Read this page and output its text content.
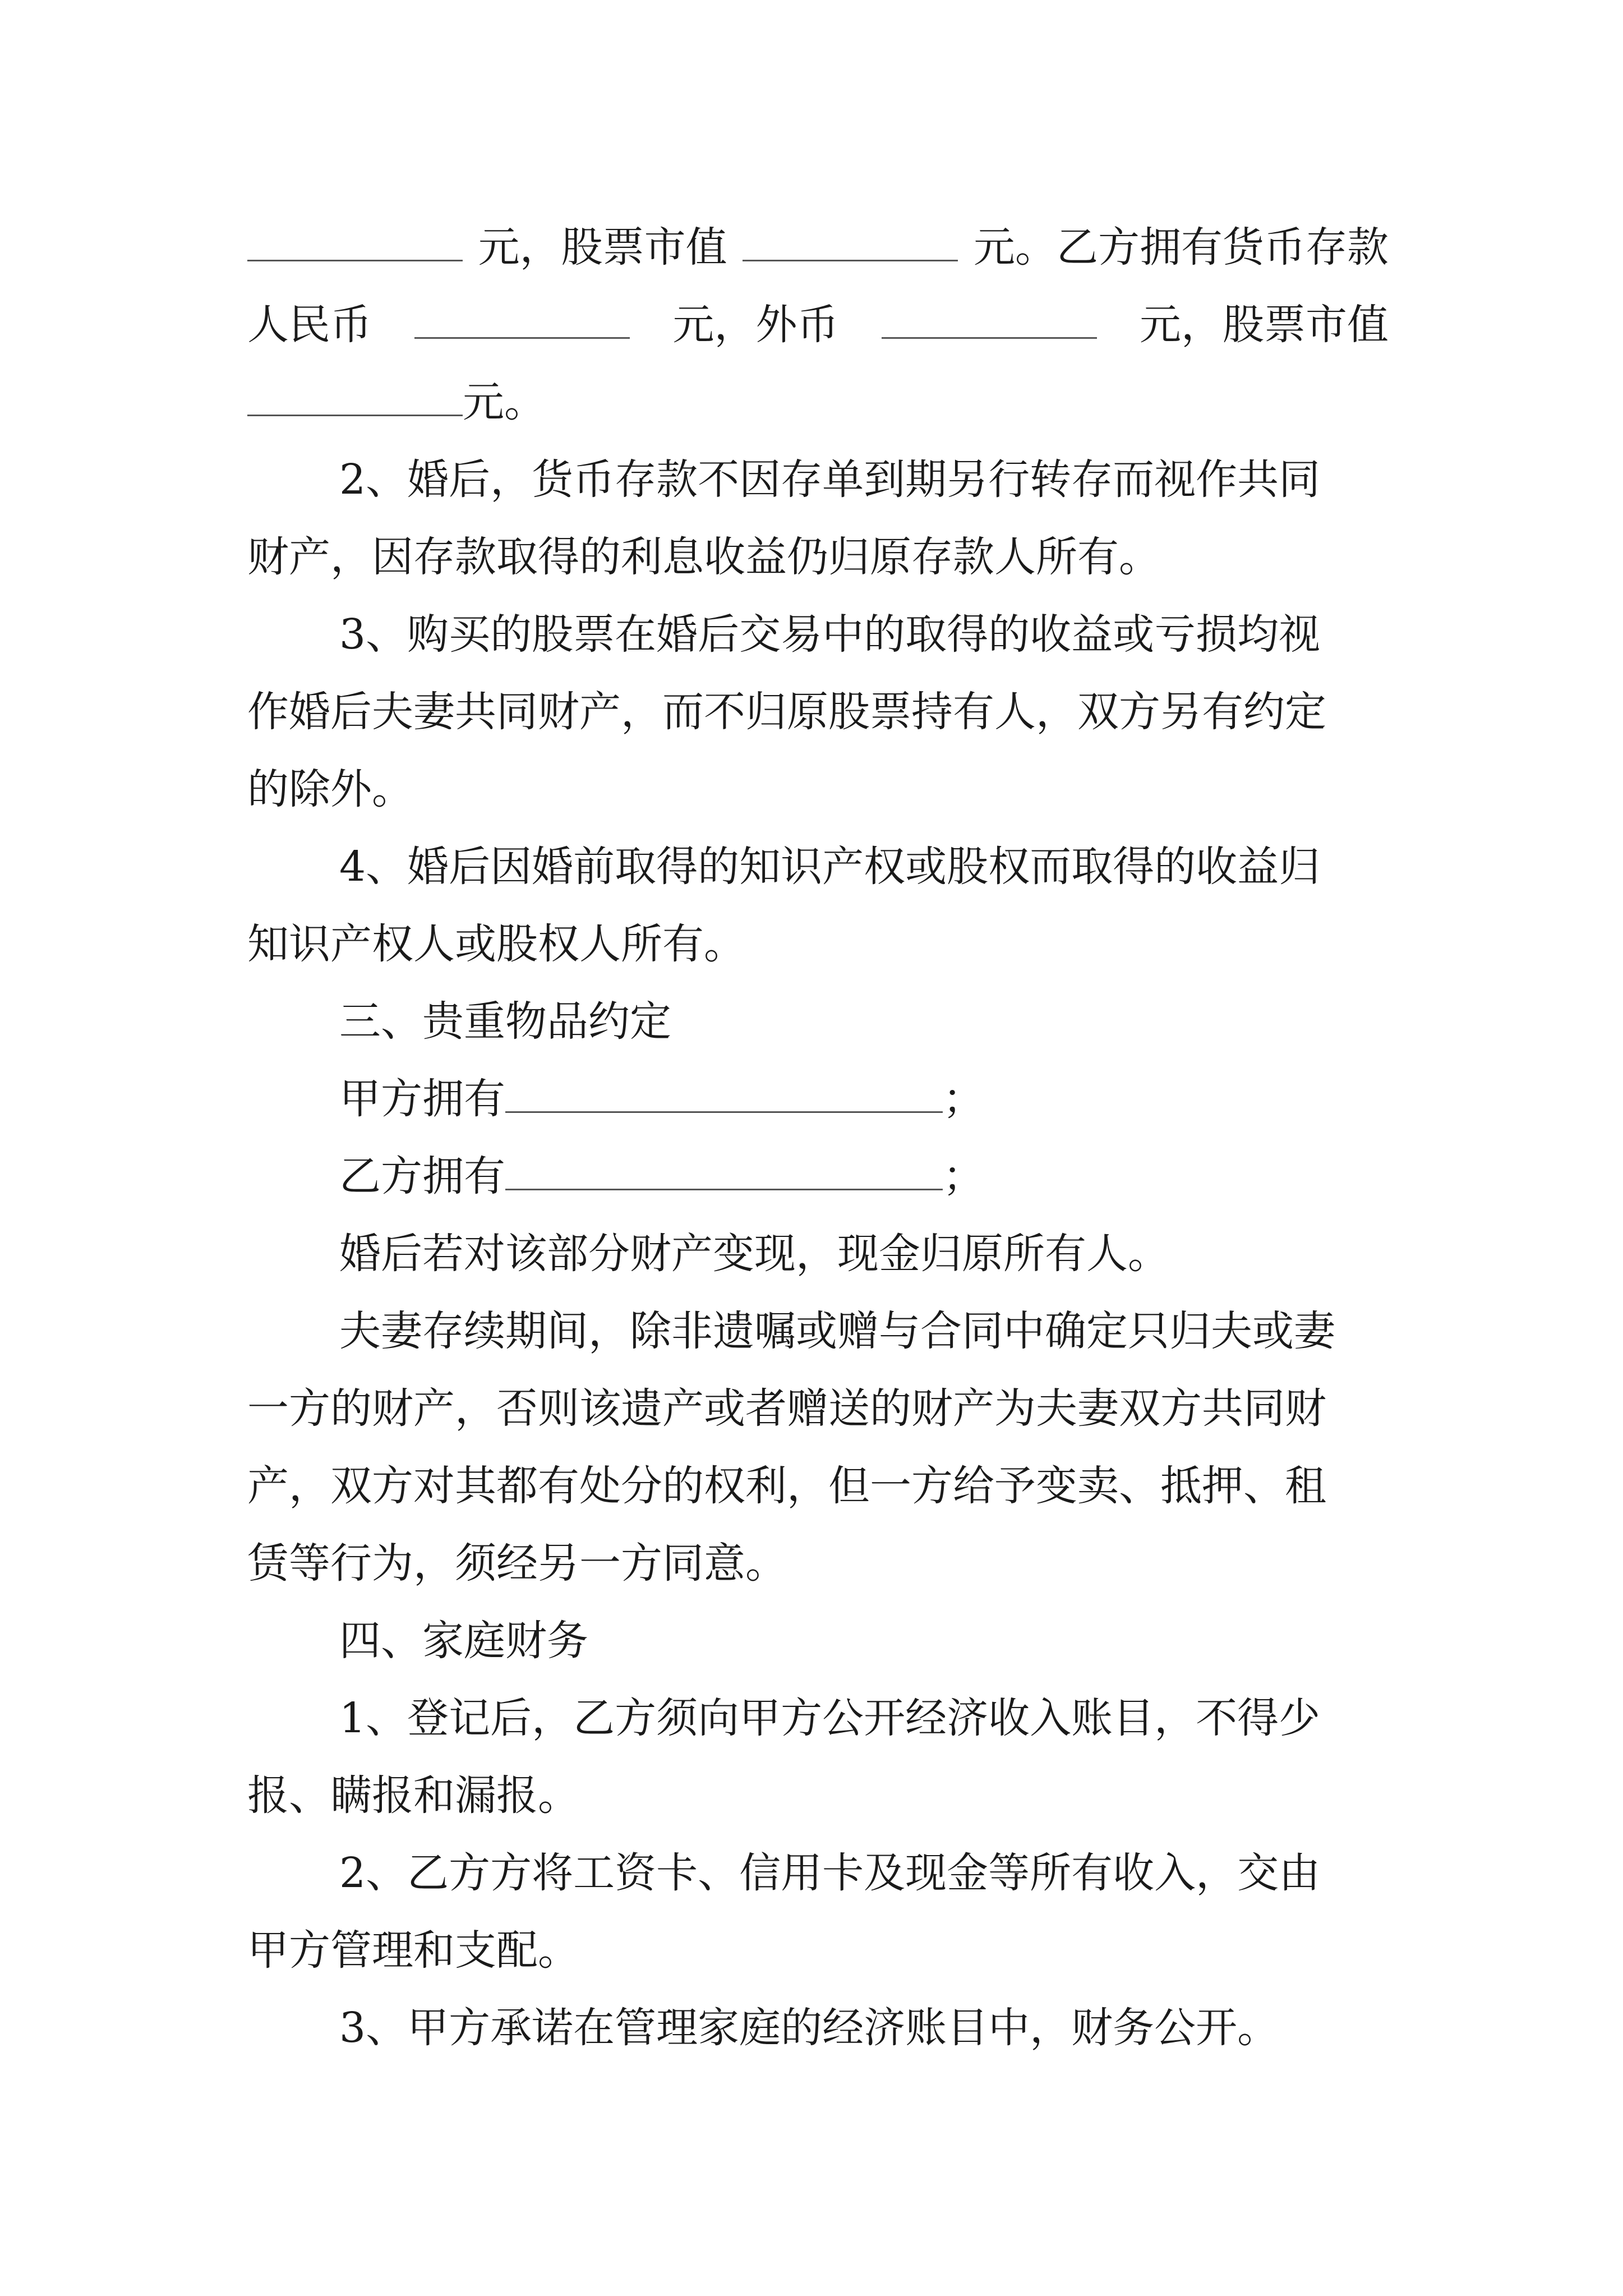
元，股票市值	元。乙方拥有货币存款
人民币	元，外币	元，股票市值
元。
2、婚后，货币存款不因存单到期另行转存而视作共同
财产，因存款取得的利息收益仍归原存款人所有。
3、购买的股票在婚后交易中的取得的收益或亏损均视
作婚后夫妻共同财产，而不归原股票持有人，双方另有约定
的除外。
4、婚后因婚前取得的知识产权或股权而取得的收益归
知识产权人或股权人所有。
三、贵重物品约定
甲方拥有	；
乙方拥有	；
婚后若对该部分财产变现，现金归原所有人。
夫妻存续期间，除非遗嘱或赠与合同中确定只归夫或妻
一方的财产，否则该遗产或者赠送的财产为夫妻双方共同财
产，双方对其都有处分的权利，但一方给予变卖、抵押、租
赁等行为，须经另一方同意。
四、家庭财务
1、登记后，乙方须向甲方公开经济收入账目，不得少
报、瞒报和漏报。
2、乙方方将工资卡、信用卡及现金等所有收入，交由
甲方管理和支配。
3、甲方承诺在管理家庭的经济账目中，财务公开。
